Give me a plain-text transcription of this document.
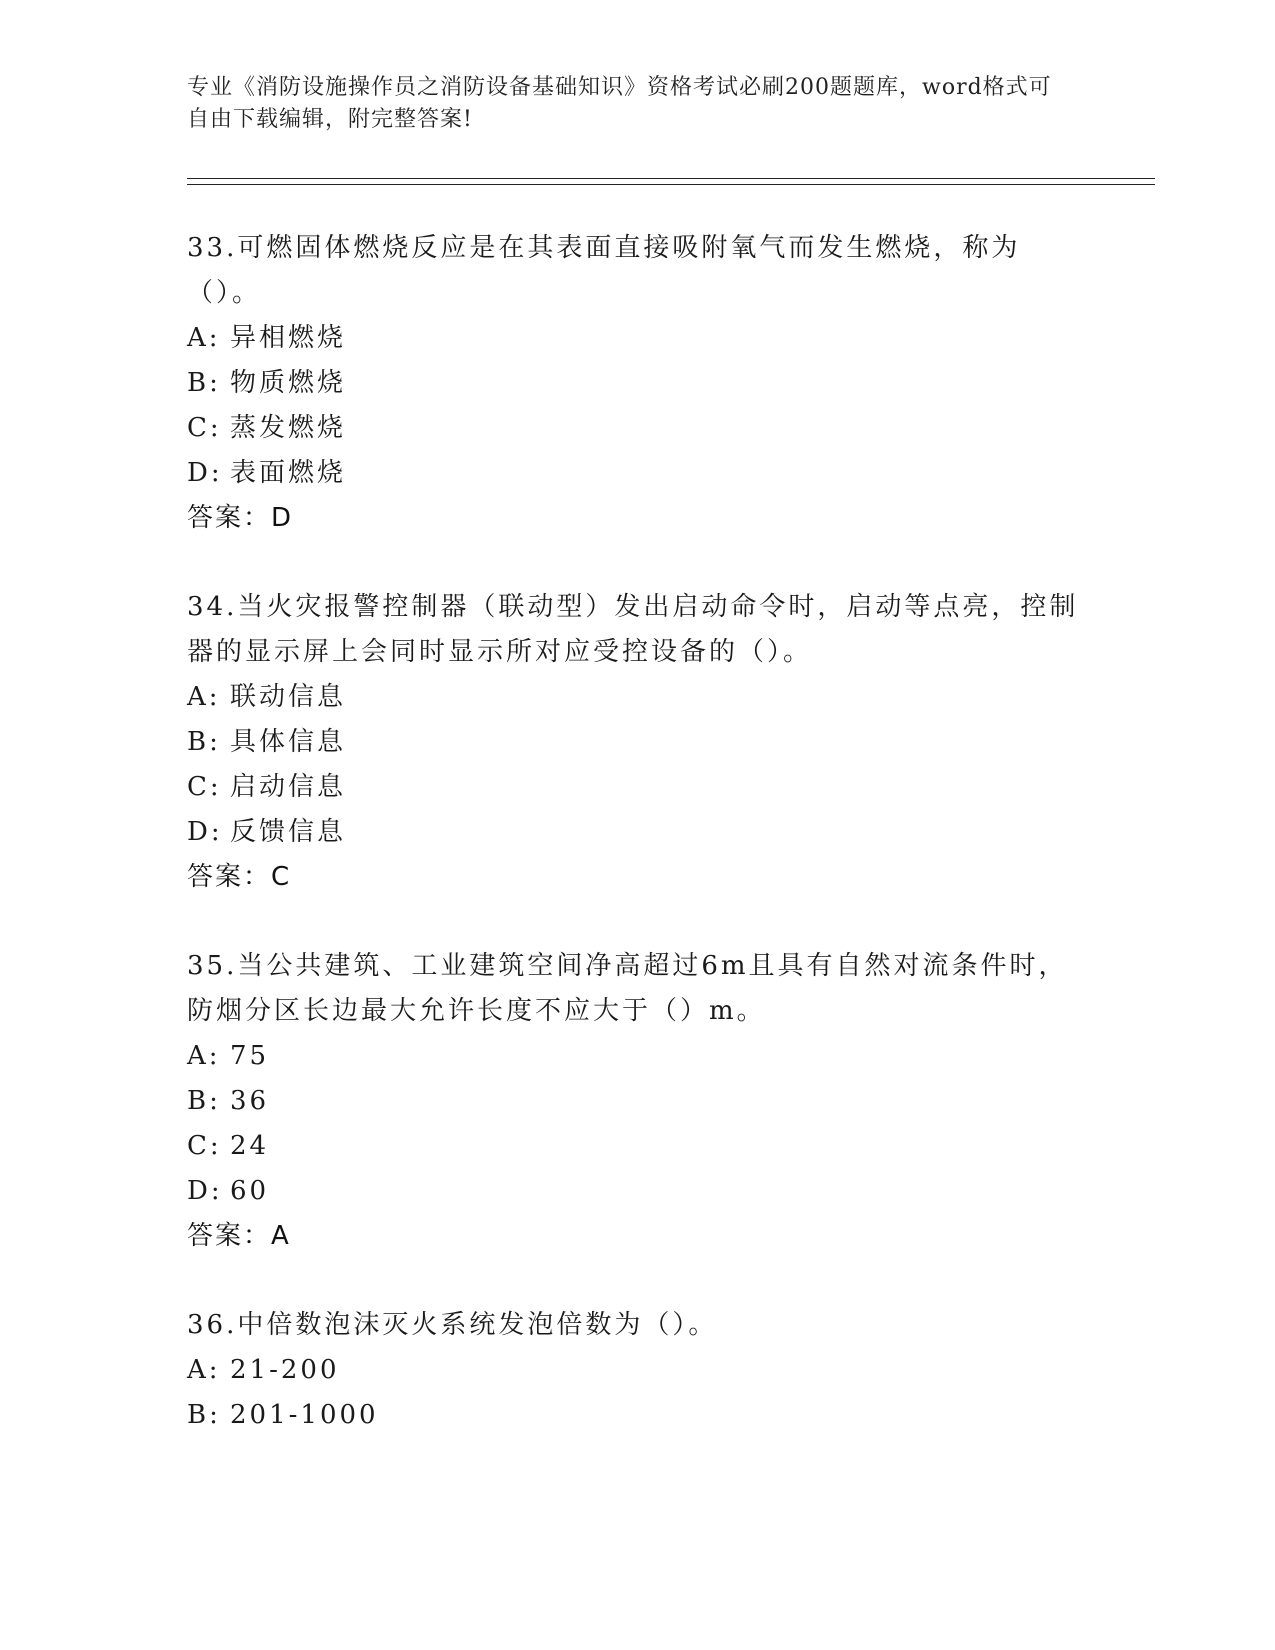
专业《消防设施操作员之消防设备基础知识》资格考试必刷200题题库，word格式可自由下载编辑，附完整答案!
33.可燃固体燃烧反应是在其表面直接吸附氧气而发生燃烧，称为（）。
A: 异相燃烧
B: 物质燃烧
C: 蒸发燃烧
D: 表面燃烧
答案： D
34.当火灾报警控制器（联动型）发出启动命令时，启动等点亮，控制器的显示屏上会同时显示所对应受控设备的（）。
A: 联动信息
B: 具体信息
C: 启动信息
D: 反馈信息
答案： C
35.当公共建筑、工业建筑空间净高超过6m且具有自然对流条件时，防烟分区长边最大允许长度不应大于（）m。
A: 75
B: 36
C: 24
D: 60
答案： A
36.中倍数泡沫灭火系统发泡倍数为（）。
A: 21-200
B: 201-1000
